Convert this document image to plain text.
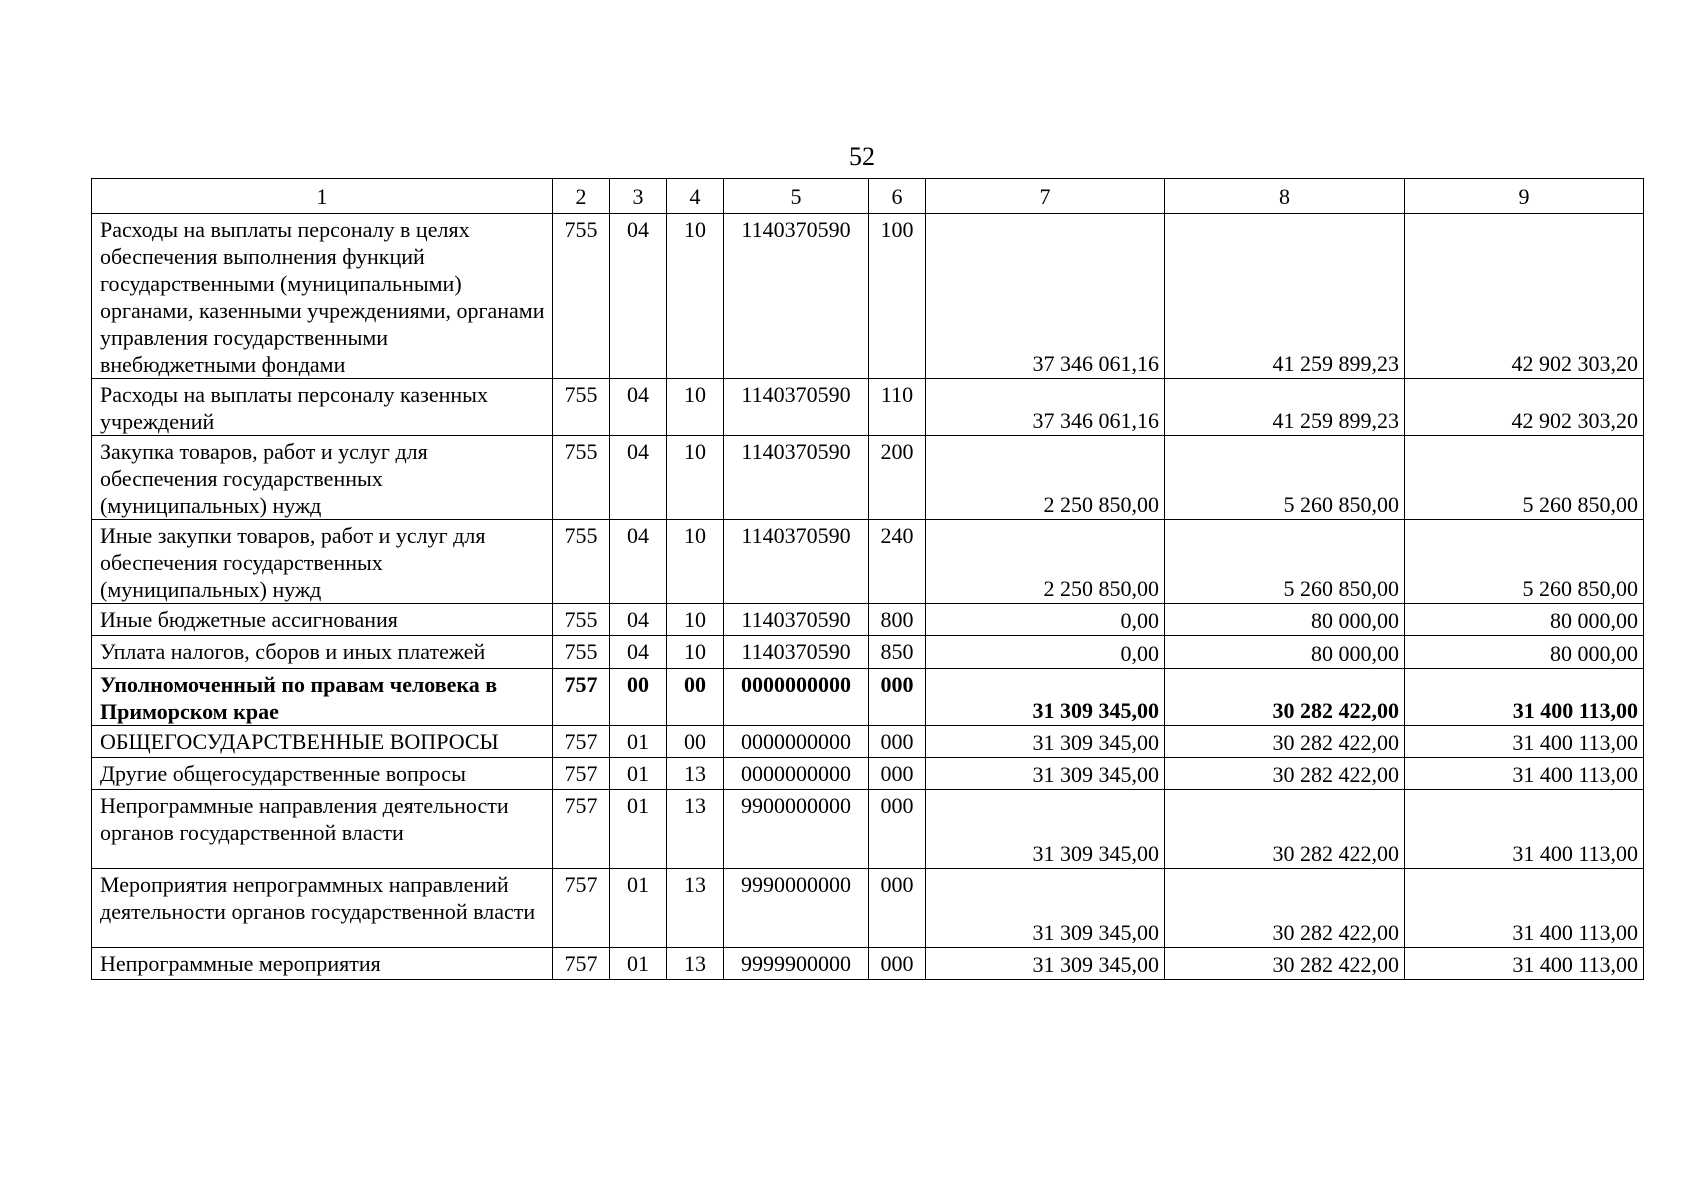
52
1	2	3	4	5	6	7	8	9
Расходы на выплаты персоналу в целях обеспечения выполнения функций государственными (муниципальными) органами, казенными учреждениями, органами управления государственными внебюджетными фондами	755	04	10	1140370590	100	37 346 061,16	41 259 899,23	42 902 303,20
Расходы на выплаты персоналу казенных учреждений	755	04	10	1140370590	110	37 346 061,16	41 259 899,23	42 902 303,20
Закупка товаров, работ и услуг для обеспечения государственных (муниципальных) нужд	755	04	10	1140370590	200	2 250 850,00	5 260 850,00	5 260 850,00
Иные закупки товаров, работ и услуг для обеспечения государственных (муниципальных) нужд	755	04	10	1140370590	240	2 250 850,00	5 260 850,00	5 260 850,00
Иные бюджетные ассигнования	755	04	10	1140370590	800	0,00	80 000,00	80 000,00
Уплата налогов, сборов и иных платежей	755	04	10	1140370590	850	0,00	80 000,00	80 000,00
Уполномоченный по правам человека в Приморском крае	757	00	00	0000000000	000	31 309 345,00	30 282 422,00	31 400 113,00
ОБЩЕГОСУДАРСТВЕННЫЕ ВОПРОСЫ	757	01	00	0000000000	000	31 309 345,00	30 282 422,00	31 400 113,00
Другие общегосударственные вопросы	757	01	13	0000000000	000	31 309 345,00	30 282 422,00	31 400 113,00
Непрограммные направления деятельности органов государственной власти	757	01	13	9900000000	000	31 309 345,00	30 282 422,00	31 400 113,00
Мероприятия непрограммных направлений деятельности органов государственной власти	757	01	13	9990000000	000	31 309 345,00	30 282 422,00	31 400 113,00
Непрограммные мероприятия	757	01	13	9999900000	000	31 309 345,00	30 282 422,00	31 400 113,00
